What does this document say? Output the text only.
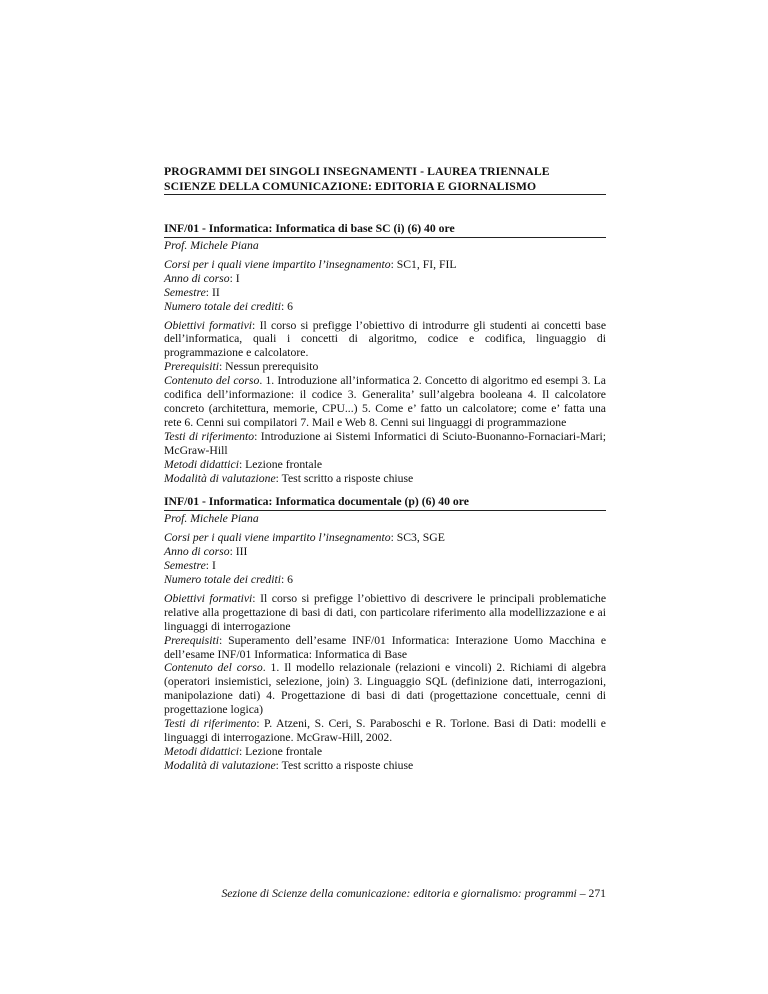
PROGRAMMI DEI SINGOLI INSEGNAMENTI - LAUREA TRIENNALE
SCIENZE DELLA COMUNICAZIONE: EDITORIA E GIORNALISMO
INF/01 - Informatica: Informatica di base SC (i) (6) 40 ore
Prof. Michele Piana
Corsi per i quali viene impartito l’insegnamento: SC1, FI, FIL
Anno di corso: I
Semestre: II
Numero totale dei crediti: 6
Obiettivi formativi: Il corso si prefigge l’obiettivo di introdurre gli studenti ai concetti base dell’informatica, quali i concetti di algoritmo, codice e codifica, linguaggio di programmazione e calcolatore.
Prerequisiti: Nessun prerequisito
Contenuto del corso. 1. Introduzione all’informatica 2. Concetto di algoritmo ed esempi 3. La codifica dell’informazione: il codice 3. Generalita’ sull’algebra booleana 4. Il calcolatore concreto (architettura, memorie, CPU...) 5. Come e’ fatto un calcolatore; come e’ fatta una rete 6. Cenni sui compilatori 7. Mail e Web 8. Cenni sui linguaggi di programmazione
Testi di riferimento: Introduzione ai Sistemi Informatici di Sciuto-Buonanno-Fornaciari-Mari; McGraw-Hill
Metodi didattici: Lezione frontale
Modalità di valutazione: Test scritto a risposte chiuse
INF/01 - Informatica: Informatica documentale (p) (6) 40 ore
Prof. Michele Piana
Corsi per i quali viene impartito l’insegnamento: SC3, SGE
Anno di corso: III
Semestre: I
Numero totale dei crediti: 6
Obiettivi formativi: Il corso si prefigge l’obiettivo di descrivere le principali problematiche relative alla progettazione di basi di dati, con particolare riferimento alla modellizzazione e ai linguaggi di interrogazione
Prerequisiti: Superamento dell’esame INF/01 Informatica: Interazione Uomo Macchina e dell’esame INF/01 Informatica: Informatica di Base
Contenuto del corso. 1. Il modello relazionale (relazioni e vincoli) 2. Richiami di algebra (operatori insiemistici, selezione, join) 3. Linguaggio SQL (definizione dati, interrogazioni, manipolazione dati) 4. Progettazione di basi di dati (progettazione concettuale, cenni di progettazione logica)
Testi di riferimento: P. Atzeni, S. Ceri, S. Paraboschi e R. Torlone. Basi di Dati: modelli e linguaggi di interrogazione. McGraw-Hill, 2002.
Metodi didattici: Lezione frontale
Modalità di valutazione: Test scritto a risposte chiuse
Sezione di Scienze della comunicazione: editoria e giornalismo: programmi – 271
